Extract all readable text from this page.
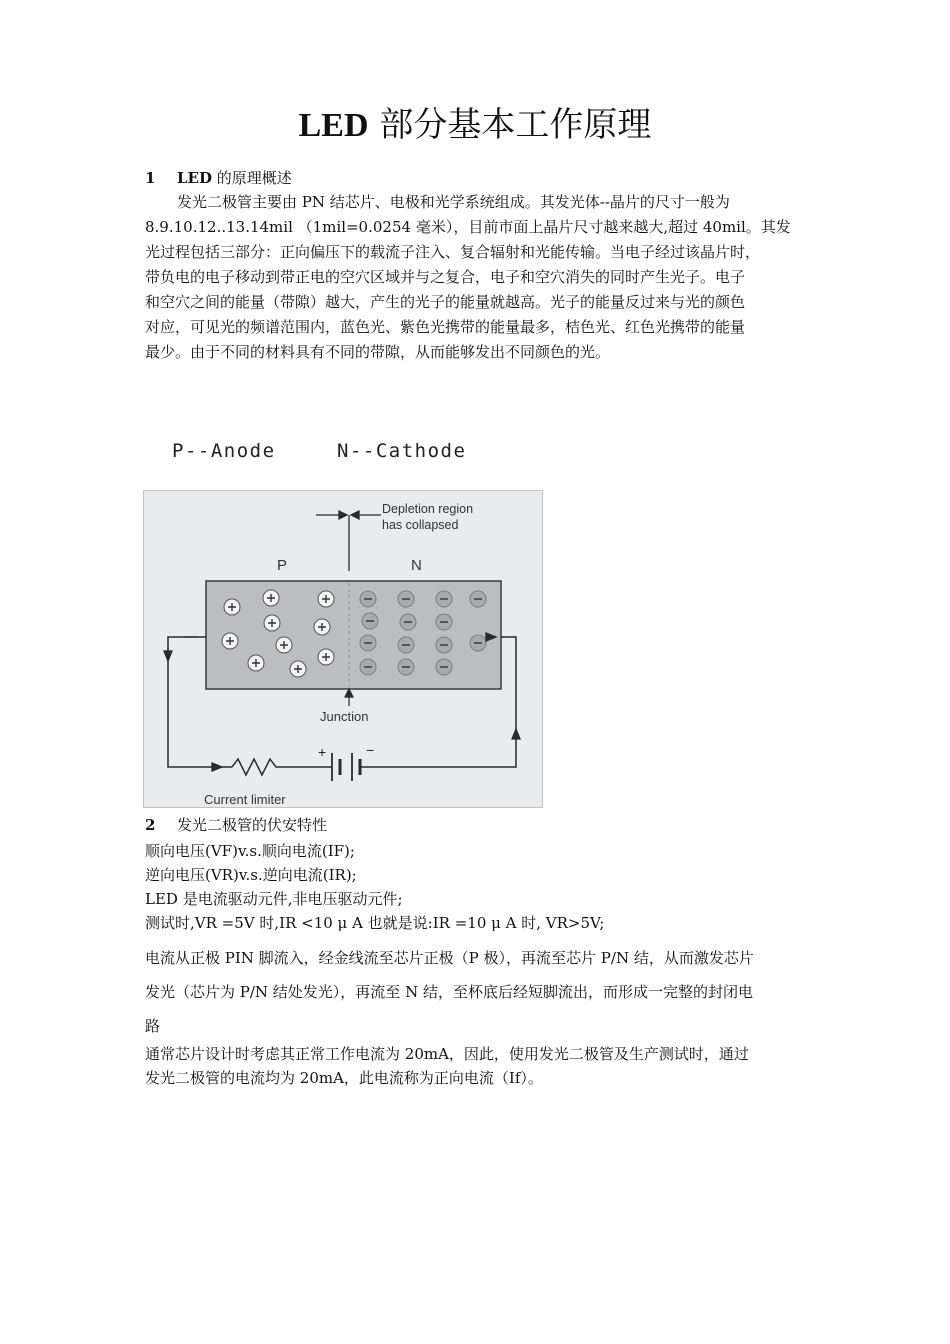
LED 部分基本工作原理
1 LED 的原理概述
发光二极管主要由 PN 结芯片、电极和光学系统组成。其发光体--晶片的尺寸一般为
8.9.10.12..13.14mil （1mil=0.0254 毫米），目前市面上晶片尺寸越来越大,超过 40mil。其发
光过程包括三部分：正向偏压下的载流子注入、复合辐射和光能传输。当电子经过该晶片时，
带负电的电子移动到带正电的空穴区域并与之复合，电子和空穴消失的同时产生光子。电子
和空穴之间的能量（带隙）越大，产生的光子的能量就越高。光子的能量反过来与光的颜色
对应，可见光的频谱范围内，蓝色光、紫色光携带的能量最多，桔色光、红色光携带的能量
最少。由于不同的材料具有不同的带隙，从而能够发出不同颜色的光。
P--Anode	N--Cathode
Depletion region
has collapsed
P	N
Junction
+	−
Current limiter
2 发光二极管的伏安特性
顺向电压(VF)v.s.顺向电流(IF);
逆向电压(VR)v.s.逆向电流(IR);
LED 是电流驱动元件,非电压驱动元件;
测试时,VR =5V 时,IR <10 μ A 也就是说:IR =10 μ A 时, VR>5V;
电流从正极 PIN 脚流入，经金线流至芯片正极（P 极），再流至芯片 P/N 结，从而激发芯片
发光（芯片为 P/N 结处发光），再流至 N 结，至杯底后经短脚流出，而形成一完整的封闭电
路
通常芯片设计时考虑其正常工作电流为 20mA，因此，使用发光二极管及生产测试时，通过
发光二极管的电流均为 20mA，此电流称为正向电流（If）。
